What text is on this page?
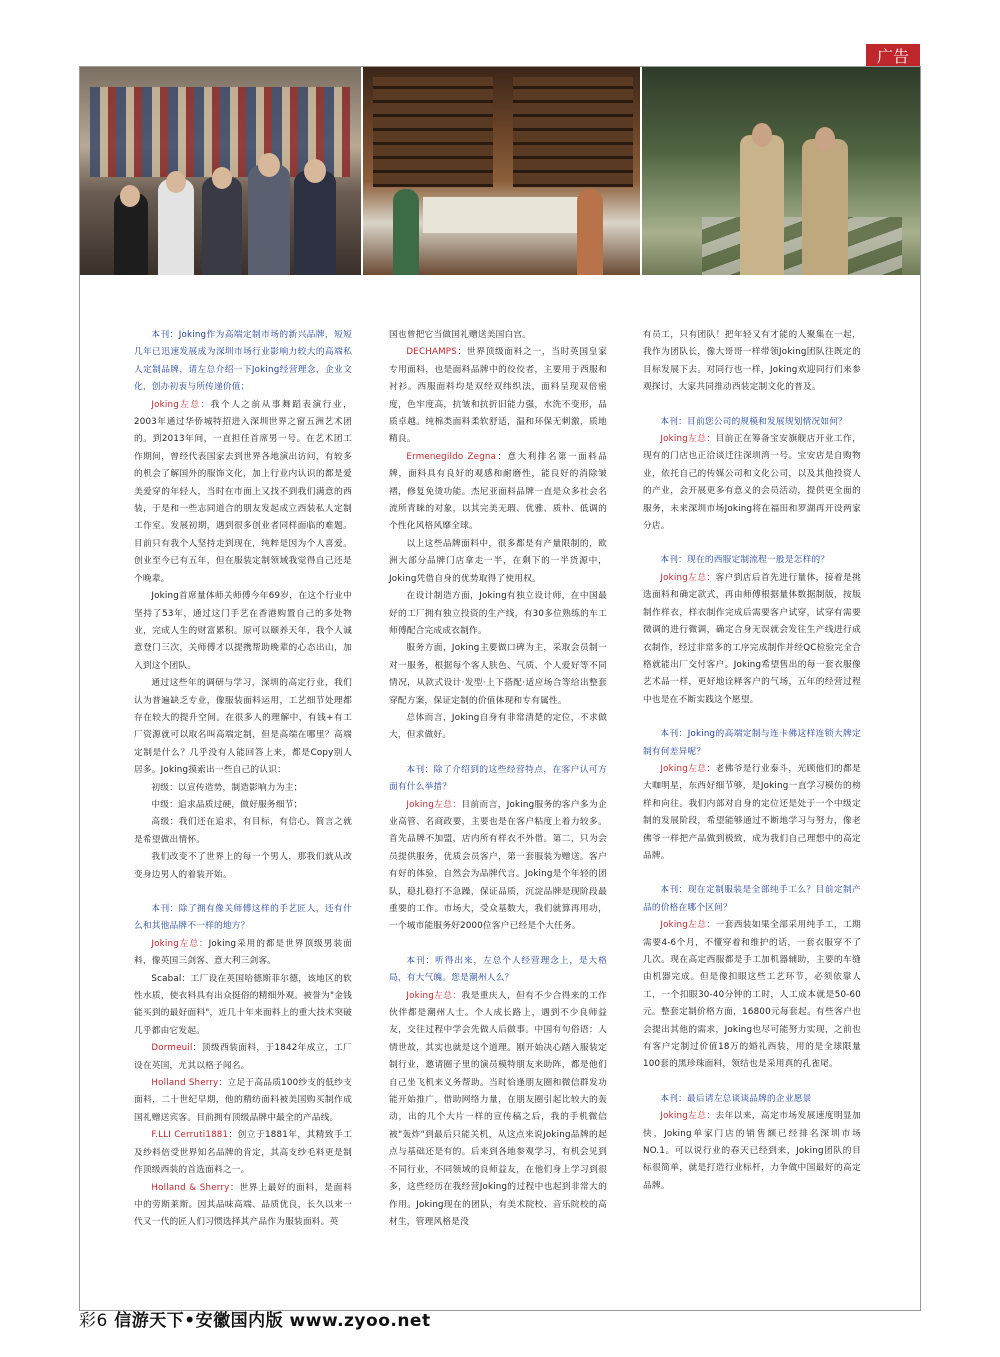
广告

本刊：Joking作为高端定制市场的新兴品牌，短短几年已迅速发展成为深圳市场行业影响力较大的高端私人定制品牌，请左总介绍一下Joking经营理念，企业文化，创办初衷与所传递价值；

Joking左总：我个人之前从事舞蹈表演行业，2003年通过华侨城特招进入深圳世界之窗五洲艺术团的。到2013年间，一直担任首席男一号。在艺术团工作期间，曾经代表国家去到世界各地演出访问，有较多的机会了解国外的服饰文化，加上行业内认识的都是爱美爱穿的年轻人，当时在市面上又找不到我们满意的西装，于是和一些志同道合的朋友发起成立西装私人定制工作室。发展初期，遇到很多创业者同样面临的难题。目前只有我个人坚持走到现在，纯粹是因为个人喜爱。创业至今已有五年，但在服装定制领域我觉得自己还是个晚辈。

Joking首席量体师关师傅今年69岁，在这个行业中坚持了53年，通过这门手艺在香港购置自己的多处物业，完成人生的财富累积。原可以颐养天年，我个人诚意登门三次，关师傅才以提携帮助晚辈的心态出山，加入到这个团队。

通过这些年的调研与学习，深圳的高定行业，我们认为普遍缺乏专业，像服装面料运用，工艺细节处理都存在较大的提升空间。在很多人的理解中，有钱+有工厂资源就可以取名叫高端定制，但是高端在哪里？高端定制是什么？几乎没有人能回答上来，都是Copy别人居多。Joking摸索出一些自己的认识：

初级：以宣传造势，制造影响力为主；

中级：追求品质过硬，做好服务细节；

高级：我们还在追求，有目标，有信心，简言之就是希望做出情怀。

我们改变不了世界上的每一个男人，那我们就从改变身边男人的着装开始。

本刊：除了拥有像关师傅这样的手艺匠人，还有什么和其他品牌不一样的地方？

Joking左总：Joking采用的都是世界顶级男装面料，像英国三剑客、意大利三剑客。

Scabal：工厂设在英国哈德斯菲尔德，该地区的软性水质，使衣料具有出众挺俗的精细外观。被誉为"金钱能买到的最好面料"，近几十年来面料上的重大技术突破几乎都由它发起。

Dormeuil：顶级西装面料，于1842年成立，工厂设在英国，尤其以格子闻名。

Holland Sherry：立足于高品质100纱支的低纱支面料，二十世纪早期，他的精纺面料被美国购买制作成国礼赠送宾客。目前拥有顶级品牌中最全的产品线。

F.LLI Cerruti1881：创立于1881年，其精致手工及纱料倍受世界知名品牌的肯定，其高支纱毛料更是制作顶级西装的首选面料之一。

Holland & Sherry：世界上最好的面料，是面料中的劳斯莱斯。因其品味高端、品质优良，长久以来一代又一代的匠人们习惯选择其产品作为服装面料。英

国也曾把它当做国礼赠送美国白宫。

DECHAMPS：世界顶级面料之一，当时英国皇家专用面料，也是面料品牌中的佼佼者，主要用于西服和衬衫。西服面料均是双经双纬织法，面料呈现双倍密度，色牢度高，抗皱和抗折旧能力强，水洗不变形，品质卓越。纯棉类面料柔软舒适，温和环保无刺激，质地精良。

Ermenegildo Zegna：意大利排名第一面料品牌，面料具有良好的观感和耐磨性，能良好的消除皱褶，修复免烫功能。杰尼亚面料品牌一直是众多社会名流所青睐的对象，以其完美无瑕、优雅、质朴、低调的个性化风格风靡全球。

以上这些品牌面料中，很多都是有产量限制的，欧洲大部分品牌门店拿走一半，在剩下的一半货源中，Joking凭借自身的优势取得了使用权。

在设计制造方面，Joking有独立设计师，在中国最好的工厂拥有独立投资的生产线，有30多位熟练的车工师傅配合完成成衣制作。

服务方面，Joking主要做口碑为主，采取会员制一对一服务，根据每个客人肤色、气质、个人爱好等不同情况，从款式设计·发型·上下搭配·适应场合等给出整套穿配方案，保证定制的价值体现和专有属性。

总体而言，Joking自身有非常清楚的定位，不求做大，但求做好。

本刊：除了介绍到的这些经营特点，在客户认可方面有什么举措？

Joking左总：目前而言，Joking服务的客户多为企业高管、名商政要，主要也是在客户粘度上着力较多。首先品牌不加盟，店内所有样衣不外借。第二，只为会员提供服务，优质会员客户，第一套服装为赠送。客户有好的体验，自然会为品牌代言。Joking是个年轻的团队，稳扎稳打不急躁，保证品质，沉淀品牌是现阶段最重要的工作。市场大，受众基数大，我们就算再用功，一个城市能服务好2000位客户已经是个大任务。

本刊：听得出来，左总个人经营理念上，是大格局，有大气魄。您是潮州人么？

Joking左总：我是重庆人，但有不少合得来的工作伙伴都是潮州人士。个人成长路上，遇到不少良师益友，交往过程中学会先做人后做事。中国有句俗语：人情世故，其实也就是这个道理。刚开始决心踏入服装定制行业，邀请圈子里的演员模特朋友来助阵，都是他们自己坐飞机来义务帮助。当时恰逢朋友圈和微信群发功能开始推广，借助网络力量，在朋友圈引起比较大的轰动，出的几个大片一样的宣传稿之后，我的手机微信被"轰炸"到最后只能关机，从这点来说Joking品牌的起点与基础还是有的。后来到各地参观学习，有机会见到不同行业，不同领域的良师益友，在他们身上学习到很多，这些经历在我经营Joking的过程中也起到非常大的作用。Joking现在的团队，有美术院校、音乐院校的高材生，管理风格是没

有员工，只有团队！把年轻又有才能的人聚集在一起，我作为团队长，像大哥哥一样带领Joking团队往既定的目标发展下去。对同行也一样，Joking欢迎同行们来参观探讨，大家共同推动西装定制文化的普及。

本刊：目前您公司的规模和发展规划情况如何？

Joking左总：目前正在筹备宝安旗舰店开业工作，现有的门店也正洽谈迁往深圳湾一号。宝安店是自购物业，依托自己的传媒公司和文化公司，以及其他投资人的产业，会开展更多有意义的会员活动，提供更全面的服务，未来深圳市场Joking将在福田和罗湖再开设两家分店。

本刊：现在的西服定制流程一般是怎样的？

Joking左总：客户到店后首先进行量体，接着是挑选面料和确定款式，再由师傅根据量体数据制版，按版制作样衣，样衣制作完成后需要客户试穿，试穿有需要微调的进行微调，确定合身无误就会发往生产线进行成衣制作，经过非常多的工序完成制作并经QC检验完全合格就能出厂交付客户。Joking希望售出的每一套衣服像艺术品一样，更好地诠释客户的气场，五年的经营过程中也是在不断实践这个愿望。

本刊：Joking的高端定制与连卡佛这样连锁大牌定制有何差异呢？

Joking左总：老佛爷是行业泰斗，光顾他们的都是大咖明星，东西好细节够，是Joking一直学习模仿的榜样和向往。我们内部对自身的定位还是处于一个中级定制的发展阶段，希望能够通过不断地学习与努力，像老佛爷一样把产品做到极致，成为我们自己理想中的高定品牌。

本刊：现在定制服装是全部纯手工么？目前定制产品的价格在哪个区间？

Joking左总：一套西装如果全部采用纯手工，工期需要4-6个月，不懂穿着和维护的话，一套衣服穿不了几次。现在高定西服都是手工加机器辅助，主要的车缝由机器完成。但是像扣眼这些工艺环节，必须依靠人工，一个扣眼30-40分钟的工时，人工成本就是50-60元。整套定制价格方面，16800元每套起。有些客户也会提出其他的需求，Joking也尽可能努力实现，之前也有客户定制过价值18万的婚礼西装，用的是全球限量100套的黑珍珠面料，领结也是采用真的孔雀尾。

本刊：最后请左总谈谈品牌的企业愿景

Joking左总：去年以来，高定市场发展速度明显加快，Joking单家门店的销售额已经排名深圳市场NO.1。可以说行业的春天已经到来，Joking团队的目标很简单，就是打造行业标杆，力争做中国最好的高定品牌。

彩6 信游天下•安徽国内版 www.zyoo.net
